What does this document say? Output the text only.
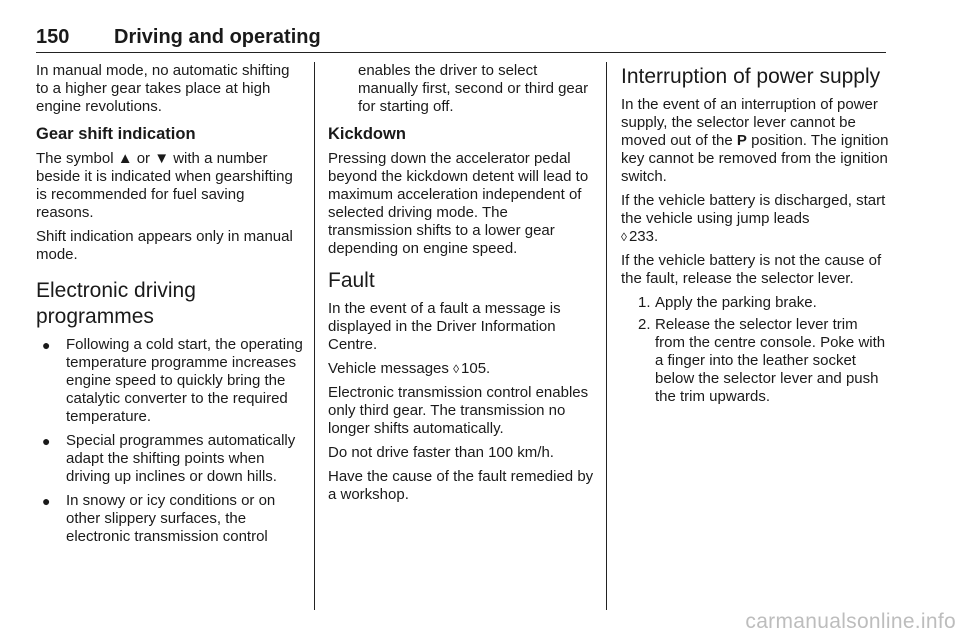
150 Driving and operating

In manual mode, no automatic shifting to a higher gear takes place at high engine revolutions.

Gear shift indication

The symbol ▲ or ▼ with a number beside it is indicated when gearshifting is recommended for fuel saving reasons.

Shift indication appears only in manual mode.

Electronic driving programmes
● Following a cold start, the operating temperature programme increases engine speed to quickly bring the catalytic converter to the required temperature.
● Special programmes automatically adapt the shifting points when driving up inclines or down hills.
● In snowy or icy conditions or on other slippery surfaces, the electronic transmission control

enables the driver to select manually first, second or third gear for starting off.

Kickdown

Pressing down the accelerator pedal beyond the kickdown detent will lead to maximum acceleration independent of selected driving mode. The transmission shifts to a lower gear depending on engine speed.

Fault

In the event of a fault a message is displayed in the Driver Information Centre.

Vehicle messages ◊ 105.

Electronic transmission control enables only third gear. The transmission no longer shifts automatically.

Do not drive faster than 100 km/h.

Have the cause of the fault remedied by a workshop.

Interruption of power supply

In the event of an interruption of power supply, the selector lever cannot be moved out of the P position. The ignition key cannot be removed from the ignition switch.

If the vehicle battery is discharged, start the vehicle using jump leads
◊ 233.

If the vehicle battery is not the cause of the fault, release the selector lever.

1. Apply the parking brake.
2. Release the selector lever trim from the centre console. Poke with a finger into the leather socket below the selector lever and push the trim upwards.
carmanualsonline.info
